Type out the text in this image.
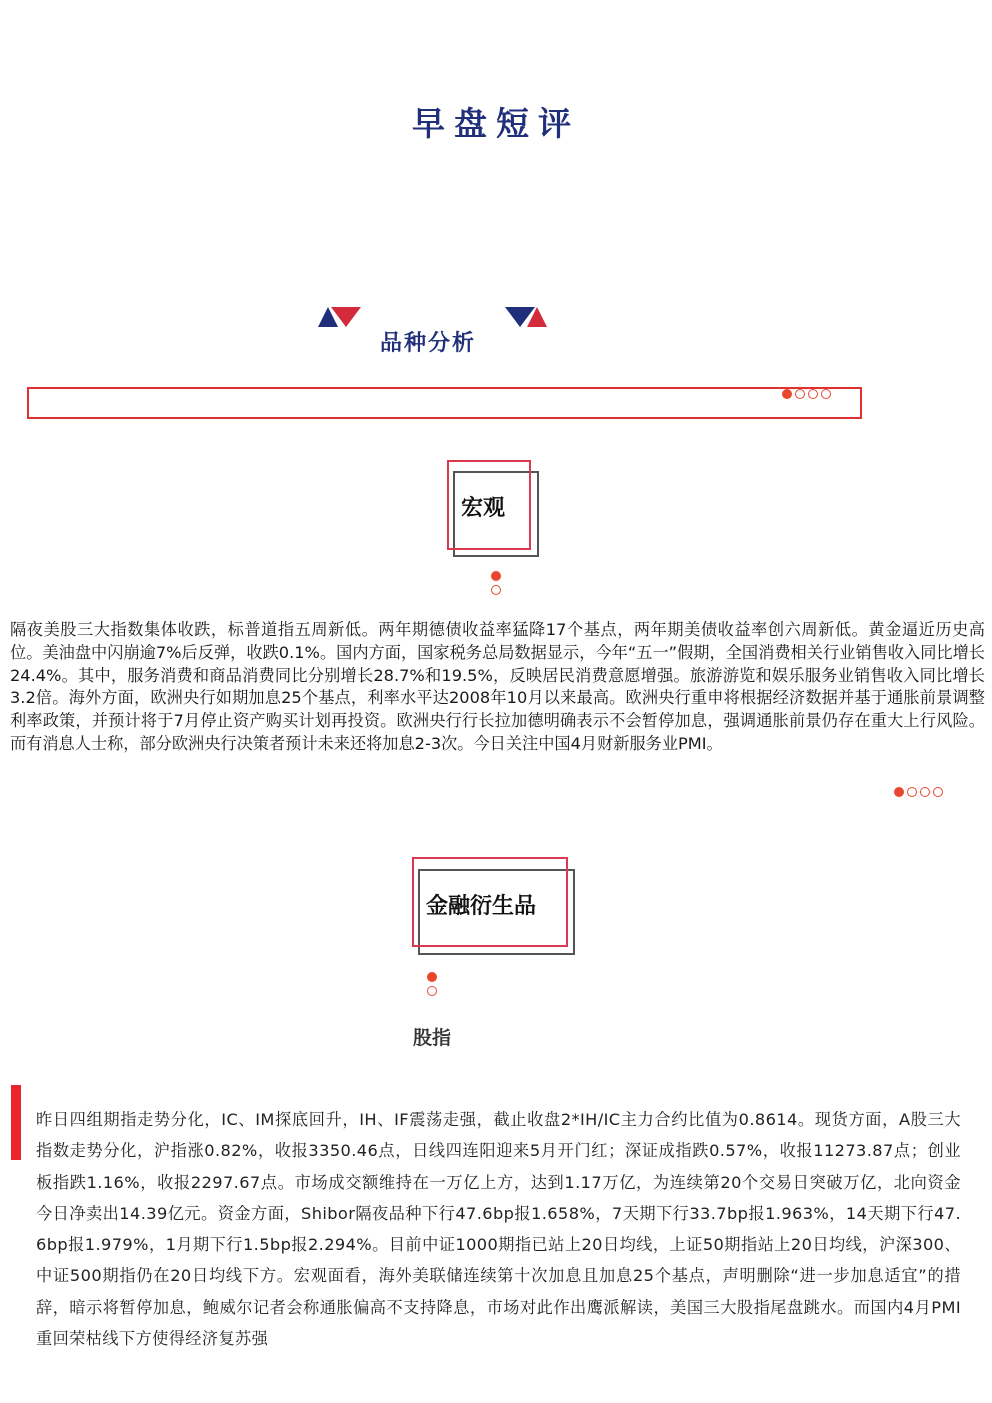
早盘短评
品种分析
宏观
隔夜美股三大指数集体收跌，标普道指五周新低。两年期德债收益率猛降17个基点，两年期美债收益率创六周新低。黄金逼近历史高位。美油盘中闪崩逾7%后反弹，收跌0.1%。国内方面，国家税务总局数据显示，今年“五一”假期，全国消费相关行业销售收入同比增长24.4%。其中，服务消费和商品消费同比分别增长28.7%和19.5%，反映居民消费意愿增强。旅游游览和娱乐服务业销售收入同比增长3.2倍。海外方面，欧洲央行如期加息25个基点，利率水平达2008年10月以来最高。欧洲央行重申将根据经济数据并基于通胀前景调整利率政策，并预计将于7月停止资产购买计划再投资。欧洲央行行长拉加德明确表示不会暂停加息，强调通胀前景仍存在重大上行风险。而有消息人士称，部分欧洲央行决策者预计未来还将加息2-3次。今日关注中国4月财新服务业PMI。
金融衍生品
股指
昨日四组期指走势分化，IC、IM探底回升，IH、IF震荡走强，截止收盘2*IH/IC主力合约比值为0.8614。现货方面，A股三大指数走势分化，沪指涨0.82%，收报3350.46点，日线四连阳迎来5月开门红；深证成指跌0.57%，收报11273.87点；创业板指跌1.16%，收报2297.67点。市场成交额维持在一万亿上方，达到1.17万亿，为连续第20个交易日突破万亿，北向资金今日净卖出14.39亿元。资金方面，Shibor隔夜品种下行47.6bp报1.658%，7天期下行33.7bp报1.963%，14天期下行47.6bp报1.979%，1月期下行1.5bp报2.294%。目前中证1000期指已站上20日均线，上证50期指站上20日均线，沪深300、中证500期指仍在20日均线下方。宏观面看，海外美联储连续第十次加息且加息25个基点，声明删除“进一步加息适宜”的措辞，暗示将暂停加息，鲍威尔记者会称通胀偏高不支持降息，市场对此作出鹰派解读，美国三大股指尾盘跳水。而国内4月PMI重回荣枯线下方使得经济复苏强
